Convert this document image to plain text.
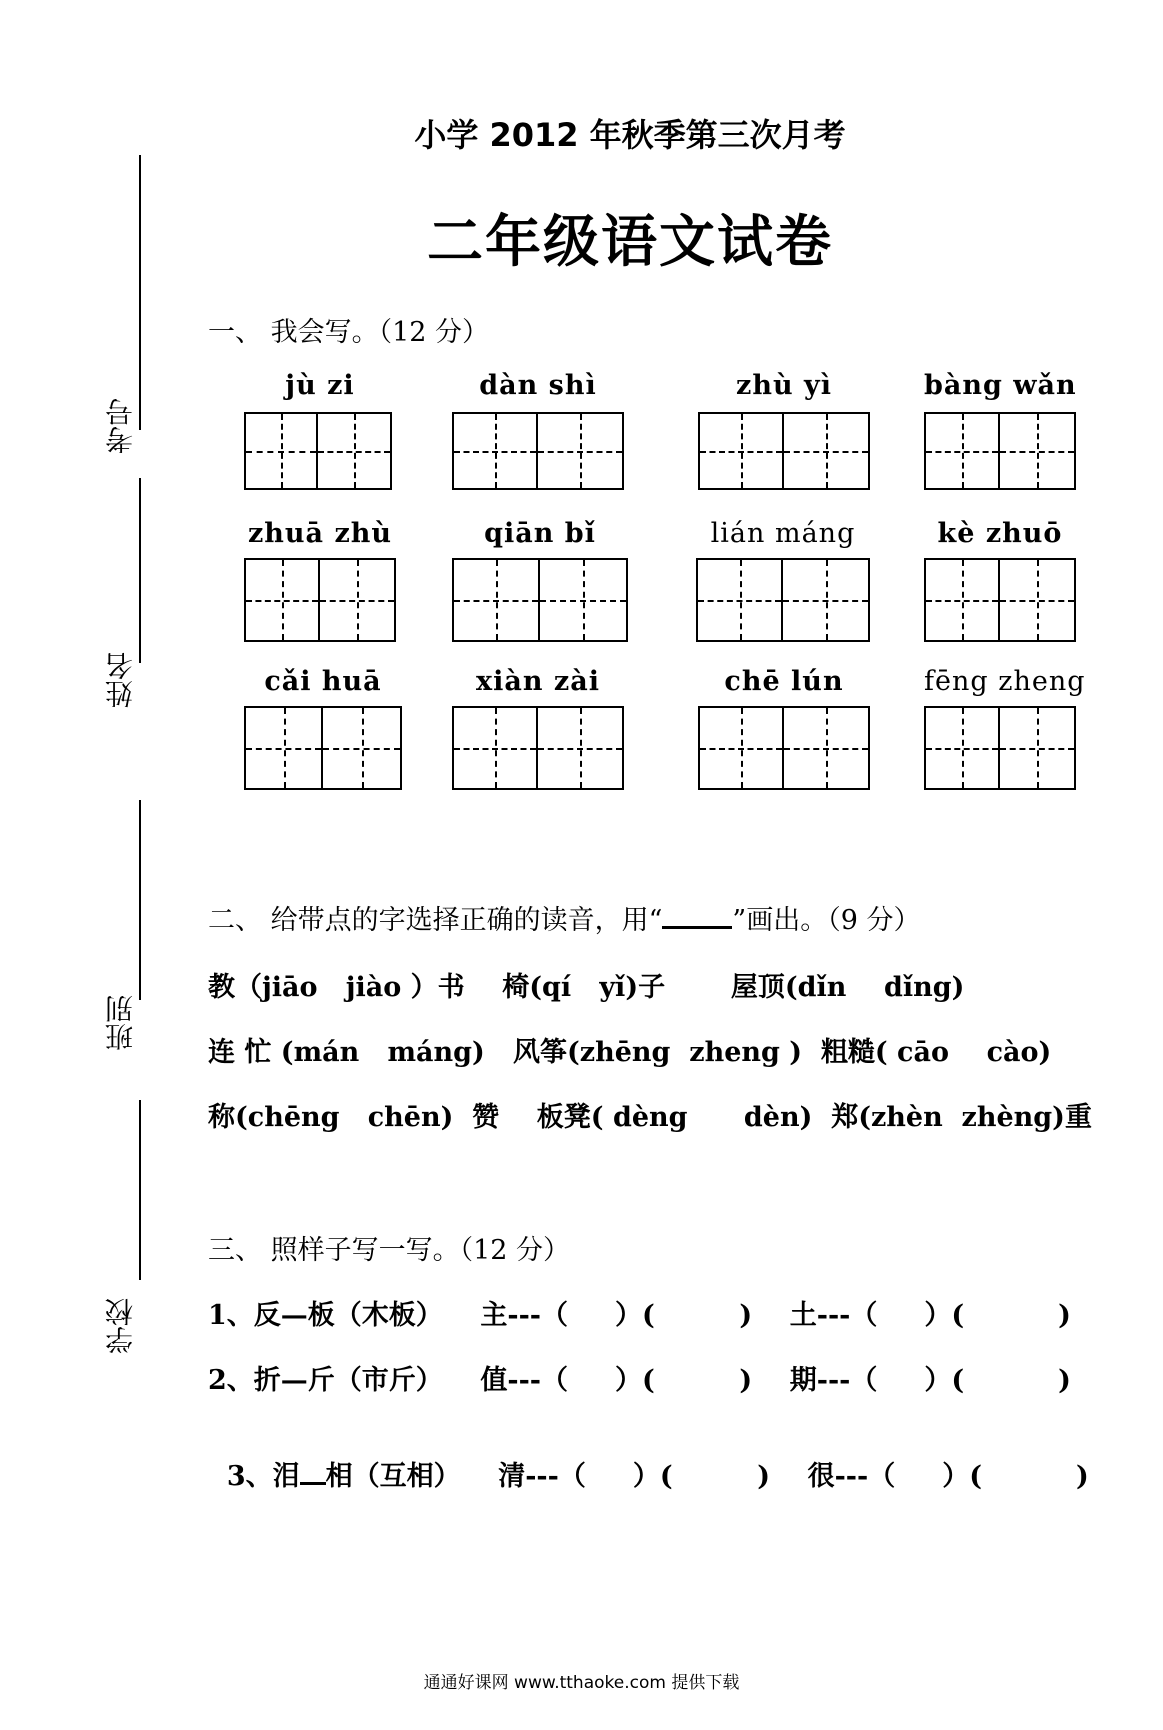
小学 2012 年秋季第三次月考
二年级语文试卷
考号
姓名
班别
学校
一、 我会写。（12 分）
jù zi	dàn shì	zhù yì	bàng wǎn
zhuā zhù	qiān bǐ	lián máng	kè zhuō
cǎi huā	xiàn zài	chē lún	fēng zheng
二、 给带点的字选择正确的读音，用“	”画出。（9 分）
教（jiāo   jiào ）书    椅(qí   yǐ)子       屋顶(dǐn    dǐng)
连 忙 (mán   máng)   风筝(zhēng  zheng )  粗糙( cāo    cào)
称(chēng   chēn)  赞    板凳( dèng      dèn)  郑(zhèn  zhèng)重
三、 照样子写一写。（12 分）
1、反—板（木板）    主---（     ）(         )    土---（     ）(          )
2、折—斤（市斤）    值---（     ）(         )    期---（     ）(          )

3、泪 相（互相）    清---（     ）(         )    很---（     ）(          )

通通好课网 www.tthaoke.com 提供下载
